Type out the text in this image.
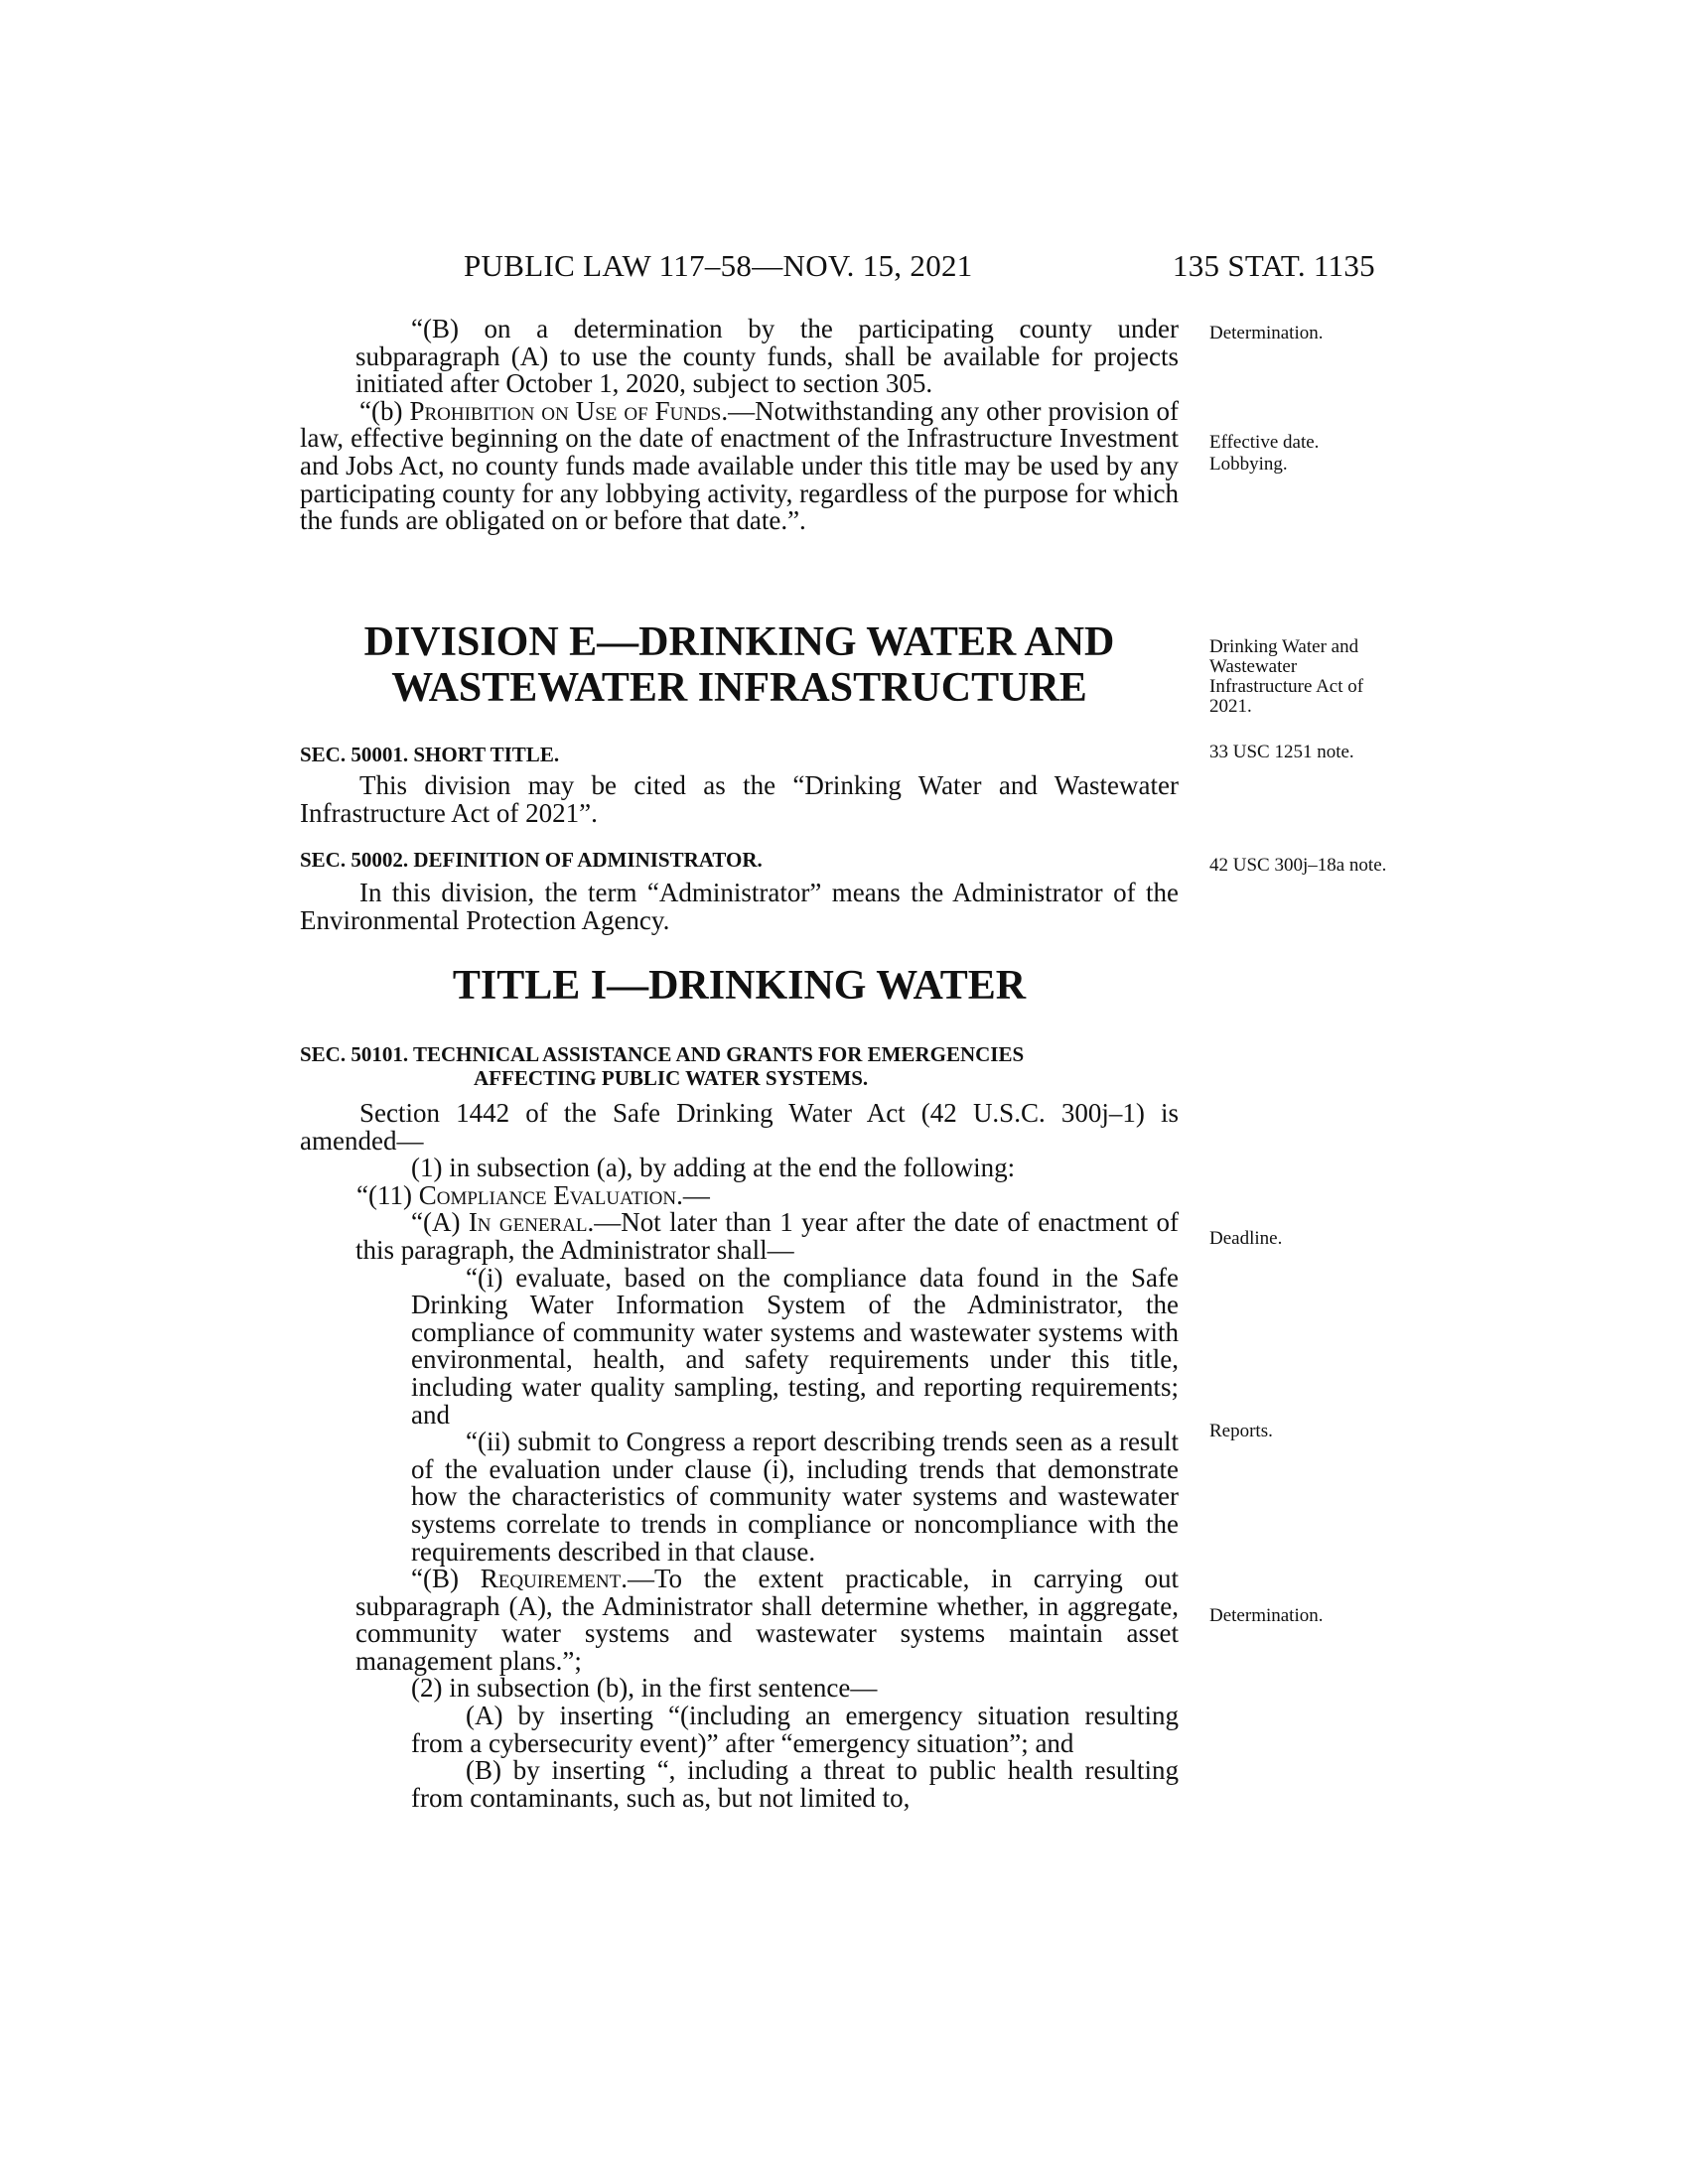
PUBLIC LAW 117–58—NOV. 15, 2021	135 STAT. 1135

“(B) on a determination by the participating county under subparagraph (A) to use the county funds, shall be available for projects initiated after October 1, 2020, subject to section 305.

“(b) Prohibition on Use of Funds.—Notwithstanding any other provision of law, effective beginning on the date of enactment of the Infrastructure Investment and Jobs Act, no county funds made available under this title may be used by any participating county for any lobbying activity, regardless of the purpose for which the funds are obligated on or before that date.”.

DIVISION E—DRINKING WATER AND
WASTEWATER INFRASTRUCTURE
SEC. 50001. SHORT TITLE.

This division may be cited as the “Drinking Water and Wastewater Infrastructure Act of 2021”.

SEC. 50002. DEFINITION OF ADMINISTRATOR.

In this division, the term “Administrator” means the Administrator of the Environmental Protection Agency.

TITLE I—DRINKING WATER
SEC. 50101. TECHNICAL ASSISTANCE AND GRANTS FOR EMERGENCIES
AFFECTING PUBLIC WATER SYSTEMS.

Section 1442 of the Safe Drinking Water Act (42 U.S.C. 300j–1) is amended—

(1) in subsection (a), by adding at the end the following:

“(11) Compliance Evaluation.—

“(A) In general.—Not later than 1 year after the date of enactment of this paragraph, the Administrator shall—

“(i) evaluate, based on the compliance data found in the Safe Drinking Water Information System of the Administrator, the compliance of community water systems and wastewater systems with environmental, health, and safety requirements under this title, including water quality sampling, testing, and reporting requirements; and

“(ii) submit to Congress a report describing trends seen as a result of the evaluation under clause (i), including trends that demonstrate how the characteristics of community water systems and wastewater systems correlate to trends in compliance or noncompliance with the requirements described in that clause.

“(B) Requirement.—To the extent practicable, in carrying out subparagraph (A), the Administrator shall determine whether, in aggregate, community water systems and wastewater systems maintain asset management plans.”;

(2) in subsection (b), in the first sentence—

(A) by inserting “(including an emergency situation resulting from a cybersecurity event)” after “emergency situation”; and

(B) by inserting “, including a threat to public health resulting from contaminants, such as, but not limited to,

Determination.
Effective date.
Lobbying.
Drinking Water and Wastewater Infrastructure Act of 2021.
33 USC 1251 note.
42 USC 300j–18a note.
Deadline.
Reports.
Determination.
